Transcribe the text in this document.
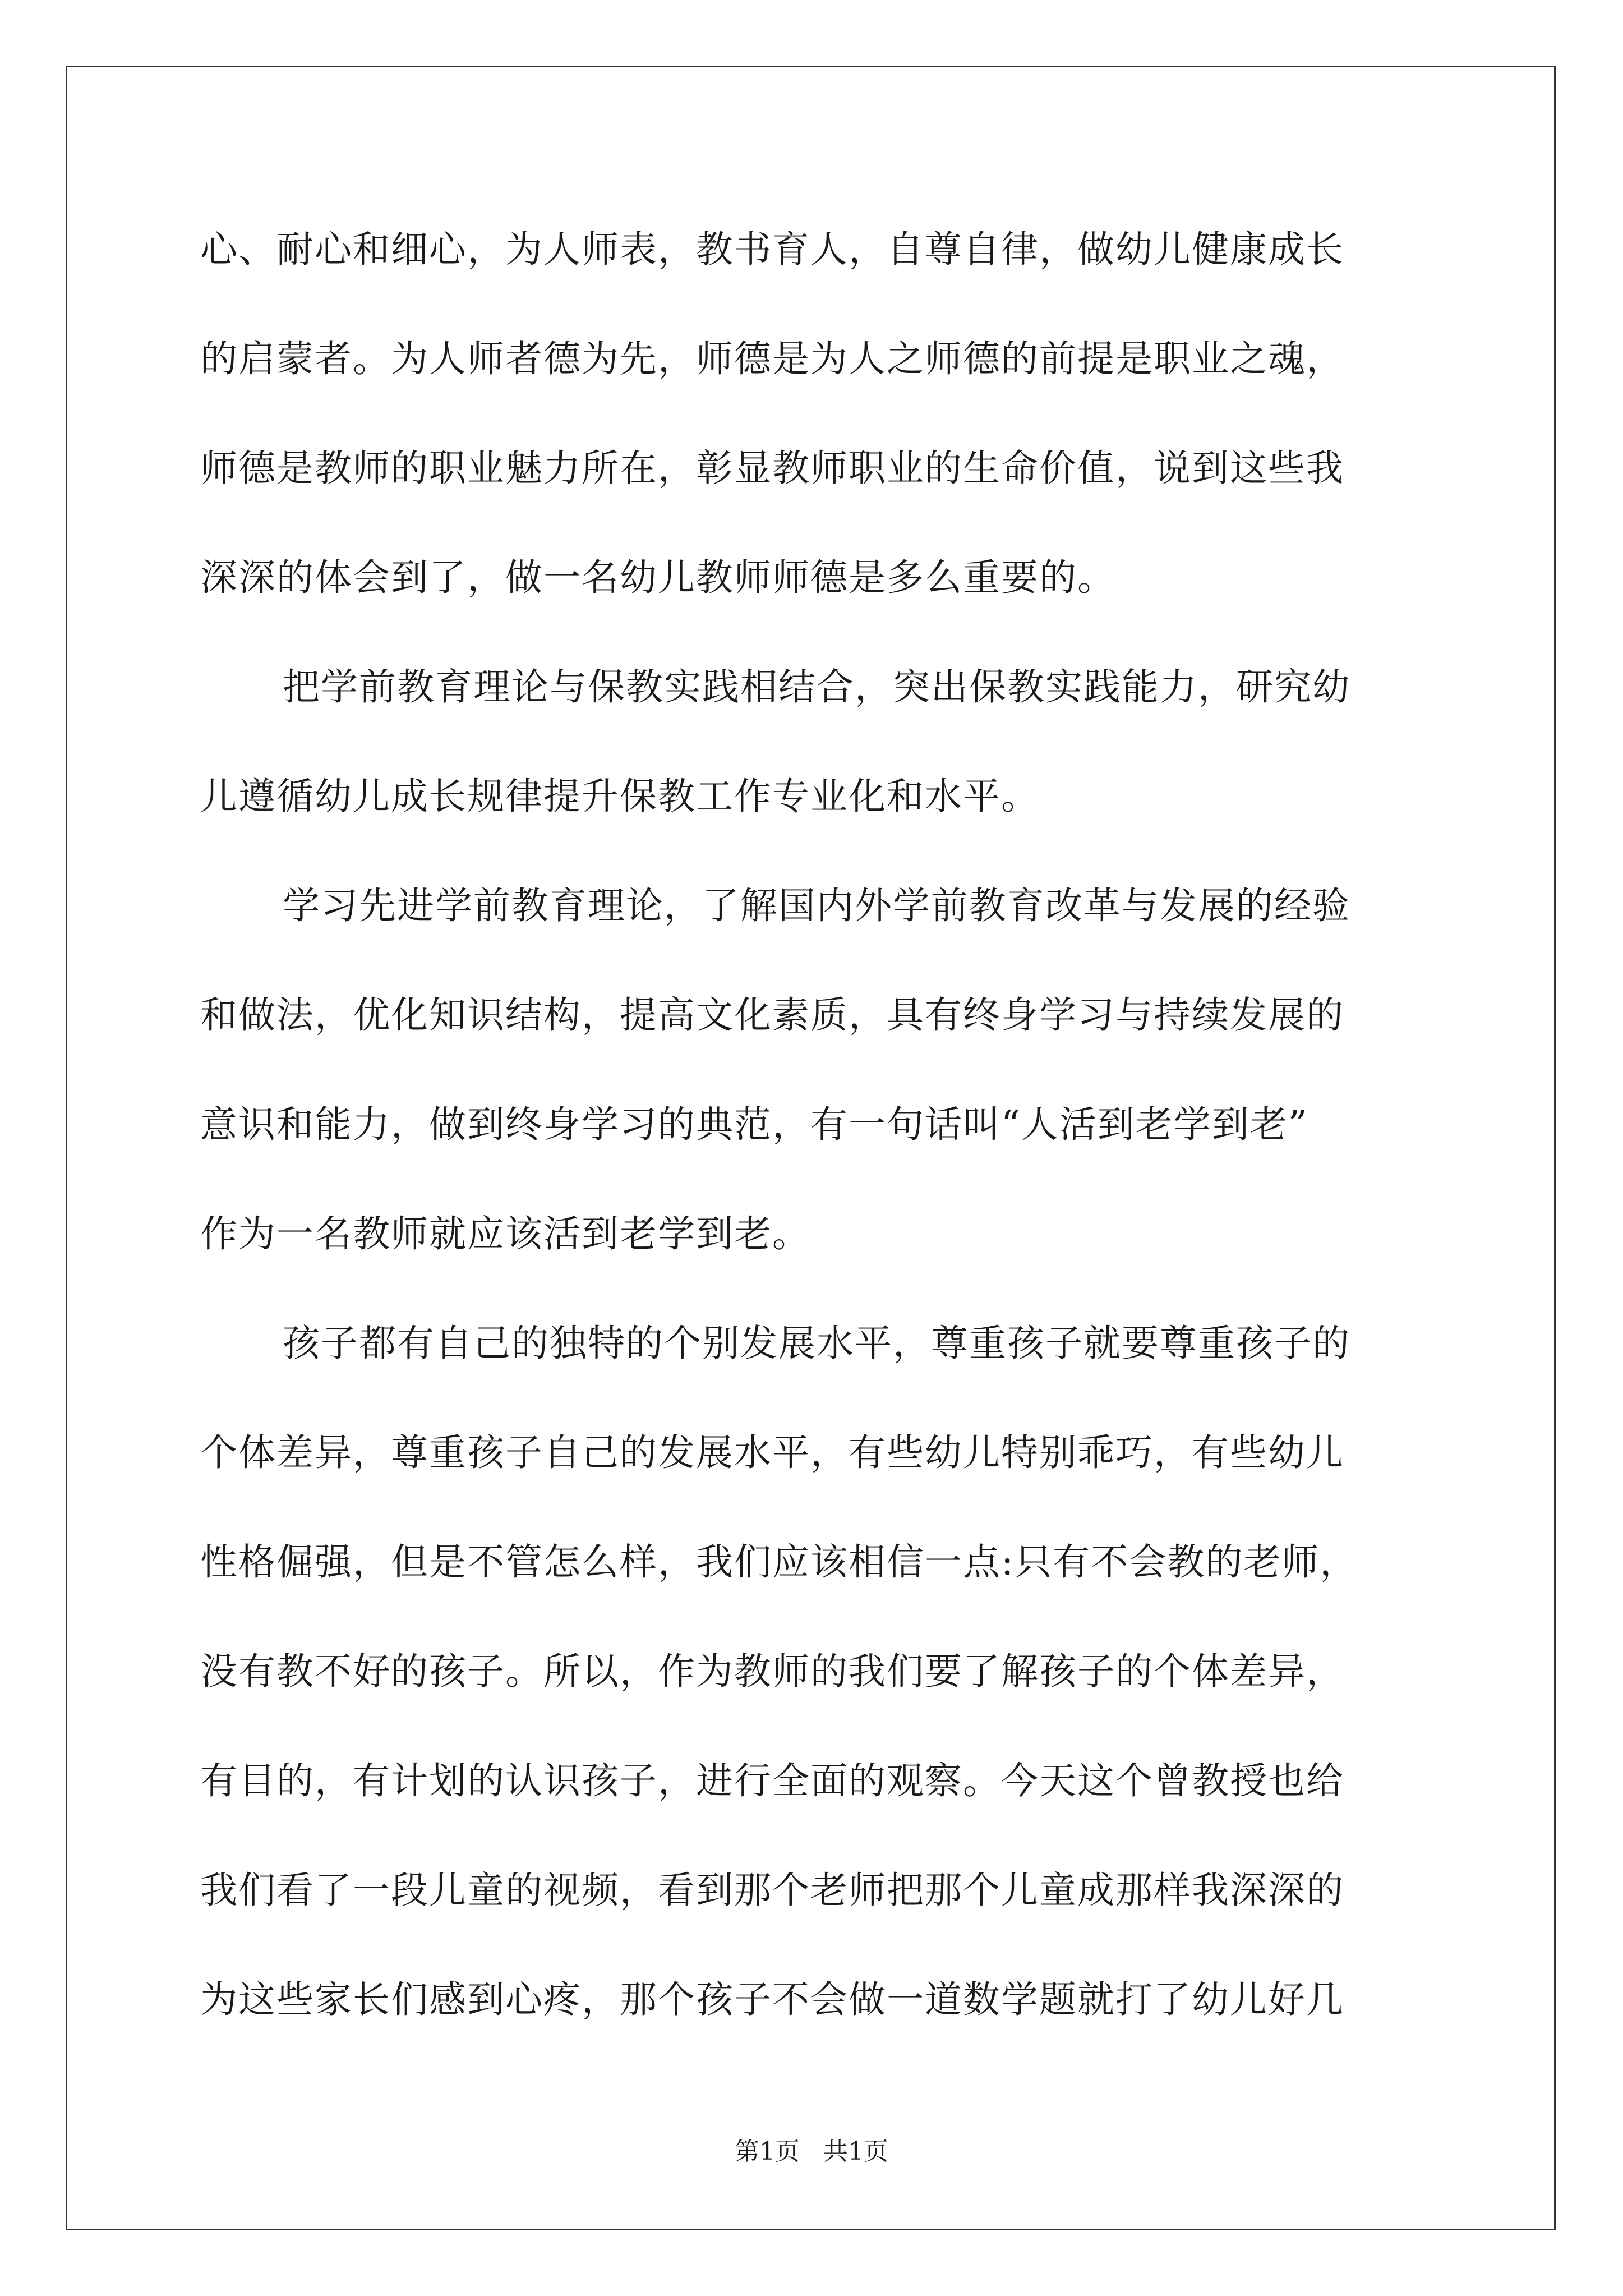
心、耐心和细心，为人师表，教书育人，自尊自律，做幼儿健康成长
的启蒙者。为人师者德为先，师德是为人之师德的前提是职业之魂，
师德是教师的职业魅力所在，彰显教师职业的生命价值，说到这些我
深深的体会到了，做一名幼儿教师师德是多么重要的。
把学前教育理论与保教实践相结合，突出保教实践能力，研究幼
儿遵循幼儿成长规律提升保教工作专业化和水平。
学习先进学前教育理论，了解国内外学前教育改革与发展的经验
和做法，优化知识结构，提高文化素质，具有终身学习与持续发展的
意识和能力，做到终身学习的典范，有一句话叫“人活到老学到老”
作为一名教师就应该活到老学到老。
孩子都有自己的独特的个别发展水平，尊重孩子就要尊重孩子的
个体差异，尊重孩子自己的发展水平，有些幼儿特别乖巧，有些幼儿
性格倔强，但是不管怎么样，我们应该相信一点:只有不会教的老师，
没有教不好的孩子。所以，作为教师的我们要了解孩子的个体差异，
有目的，有计划的认识孩子，进行全面的观察。今天这个曾教授也给
我们看了一段儿童的视频，看到那个老师把那个儿童成那样我深深的
为这些家长们感到心疼，那个孩子不会做一道数学题就打了幼儿好几
第1页   共1页
